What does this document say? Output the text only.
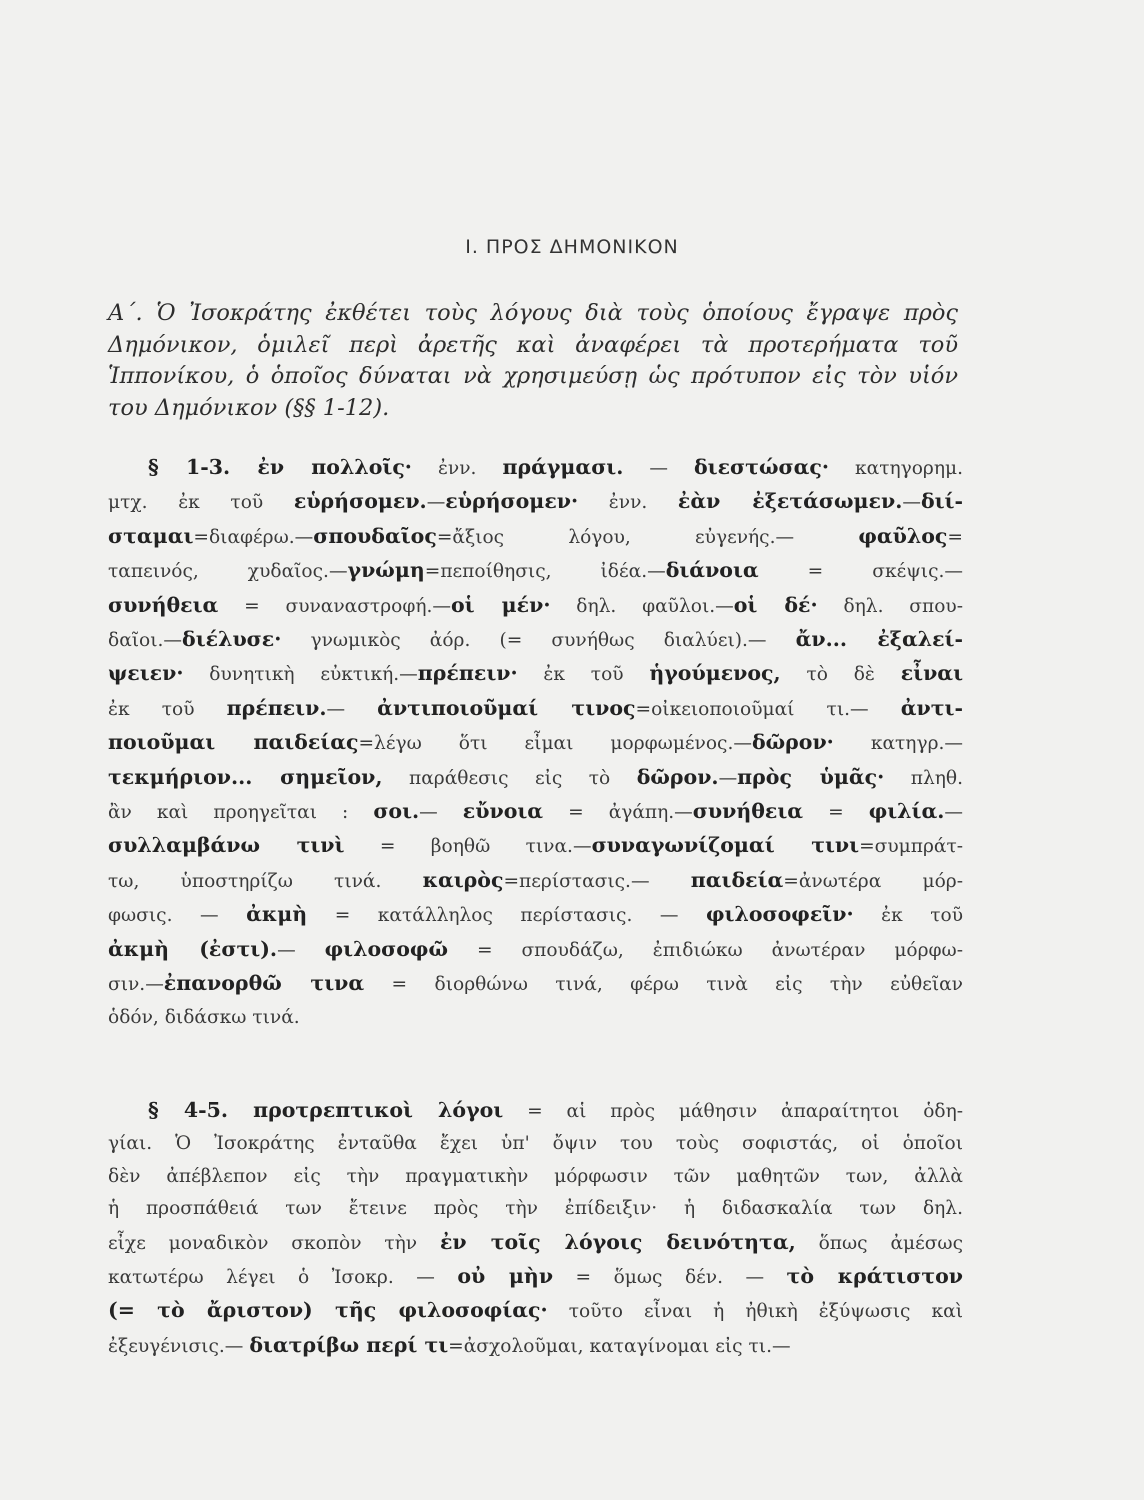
I. ΠΡΟΣ ΔΗΜΟΝΙΚΟΝ
Α΄. Ὁ Ἰσοκράτης ἐκθέτει τοὺς λόγους διὰ τοὺς ὁποίους ἔγραψε πρὸς Δημόνικον, ὁμιλεῖ περὶ ἀρετῆς καὶ ἀναφέρει τὰ προτερήματα τοῦ Ἱππονίκου, ὁ ὁποῖος δύναται νὰ χρησιμεύσῃ ὡς πρότυπον εἰς τὸν υἱόν του Δημόνικον (§§ 1-12).
§ 1-3. ἐν πολλοῖς· ἐνν. πράγμασι. — διεστώσας· κατηγορημ.
μτχ. ἐκ τοῦ εὑρήσομεν.—εὑρήσομεν· ἐνν. ἐὰν ἐξετάσωμεν.—διί-
σταμαι=διαφέρω.—σπουδαῖος=ἄξιος λόγου, εὐγενής.— φαῦλος=
ταπεινός, χυδαῖος.—γνώμη=πεποίθησις, ἰδέα.—διάνοια = σκέψις.—
συνήθεια = συναναστροφή.—οἱ μέν· δηλ. φαῦλοι.—οἱ δέ· δηλ. σπου-
δαῖοι.—διέλυσε· γνωμικὸς ἀόρ. (= συνήθως διαλύει).— ἄν... ἐξαλεί-
ψειεν· δυνητικὴ εὐκτική.—πρέπειν· ἐκ τοῦ ἡγούμενος, τὸ δὲ εἶναι
ἐκ τοῦ πρέπειν.— ἀντιποιοῦμαί τινος=οἰκειοποιοῦμαί τι.— ἀντι-
ποιοῦμαι παιδείας=λέγω ὅτι εἶμαι μορφωμένος.—δῶρον· κατηγρ.—
τεκμήριον... σημεῖον, παράθεσις εἰς τὸ δῶρον.—πρὸς ὑμᾶς· πληθ.
ἂν καὶ προηγεῖται : σοι.— εὔνοια = ἀγάπη.—συνήθεια = φιλία.—
συλλαμβάνω τινὶ = βοηθῶ τινα.—συναγωνίζομαί τινι=συμπράτ-
τω, ὑποστηρίζω τινά. καιρὸς=περίστασις.— παιδεία=ἀνωτέρα μόρ-
φωσις. — ἀκμὴ = κατάλληλος περίστασις. — φιλοσοφεῖν· ἐκ τοῦ
ἀκμὴ (ἐστι).— φιλοσοφῶ = σπουδάζω, ἐπιδιώκω ἀνωτέραν μόρφω-
σιν.—ἐπανορθῶ τινα = διορθώνω τινά, φέρω τινὰ εἰς τὴν εὐθεῖαν
ὁδόν, διδάσκω τινά.
§ 4-5. προτρεπτικοὶ λόγοι = αἱ πρὸς μάθησιν ἀπαραίτητοι ὁδη-
γίαι. Ὁ Ἰσοκράτης ἐνταῦθα ἔχει ὑπ' ὄψιν του τοὺς σοφιστάς, οἱ ὁποῖοι
δὲν ἀπέβλεπον εἰς τὴν πραγματικὴν μόρφωσιν τῶν μαθητῶν των, ἀλλὰ
ἡ προσπάθειά των ἔτεινε πρὸς τὴν ἐπίδειξιν· ἡ διδασκαλία των δηλ.
εἶχε μοναδικὸν σκοπὸν τὴν ἐν τοῖς λόγοις δεινότητα, ὅπως ἀμέσως
κατωτέρω λέγει ὁ Ἰσοκρ. — οὐ μὴν = ὅμως δέν. — τὸ κράτιστον
(= τὸ ἄριστον) τῆς φιλοσοφίας· τοῦτο εἶναι ἡ ἠθικὴ ἐξύψωσις καὶ
ἐξευγένισις.— διατρίβω περί τι=ἀσχολοῦμαι, καταγίνομαι εἰς τι.—
